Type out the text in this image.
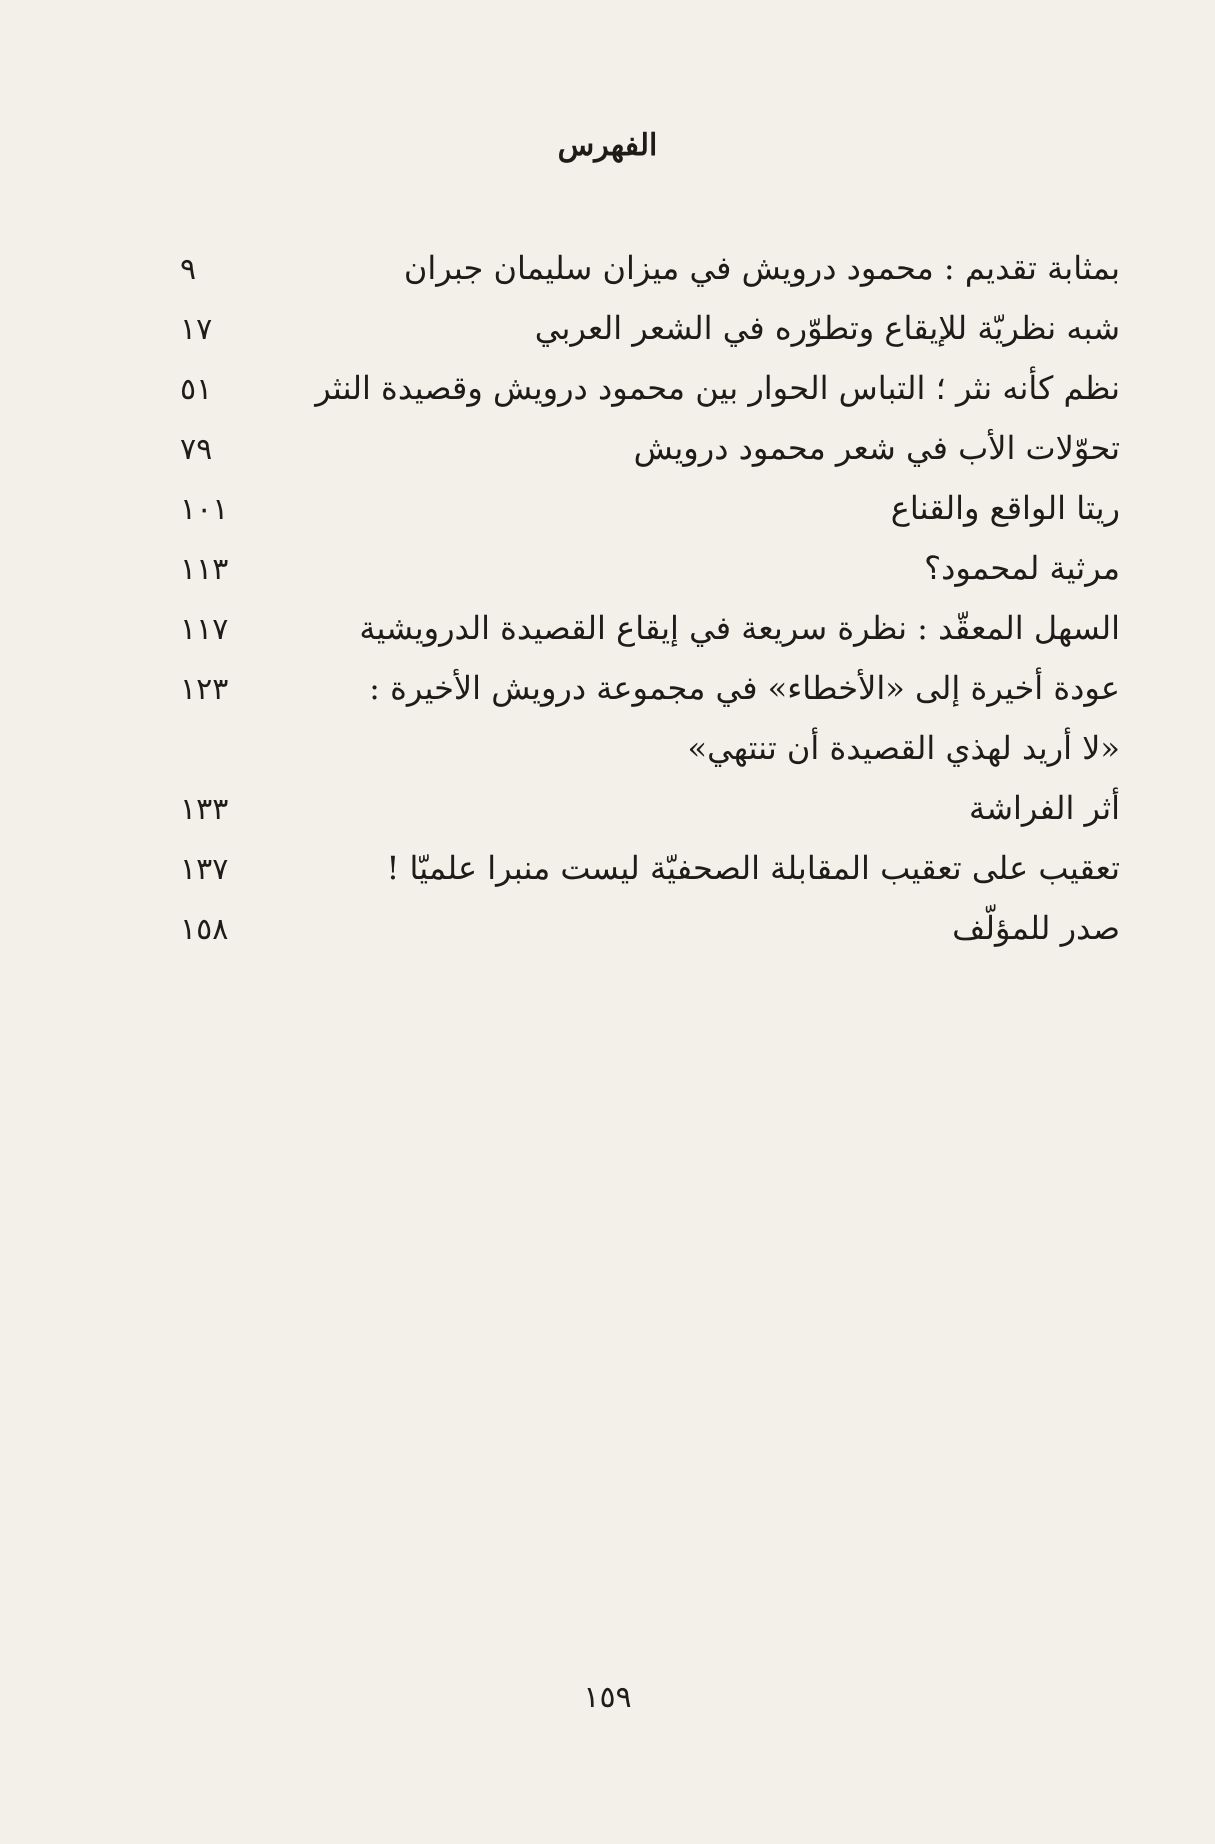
الفهرس
بمثابة تقديم : محمود درويش في ميزان سليمان جبران
٩
شبه نظريّة للإيقاع وتطوّره في الشعر العربي
١٧
نظم كأنه نثر ؛ التباس الحوار بين محمود درويش وقصيدة النثر
٥١
تحوّلات الأب في شعر محمود درويش
٧٩
ريتا الواقع والقناع
١٠١
مرثية لمحمود؟
١١٣
السهل المعقّد : نظرة سريعة في إيقاع القصيدة الدرويشية
١١٧
عودة أخيرة إلى «الأخطاء» في مجموعة درويش الأخيرة :
«لا أريد لهذي القصيدة أن تنتهي»
١٢٣
أثر الفراشة
١٣٣
تعقيب على تعقيب المقابلة الصحفيّة ليست منبرا علميّا !
١٣٧
صدر للمؤلّف
١٥٨
١٥٩
